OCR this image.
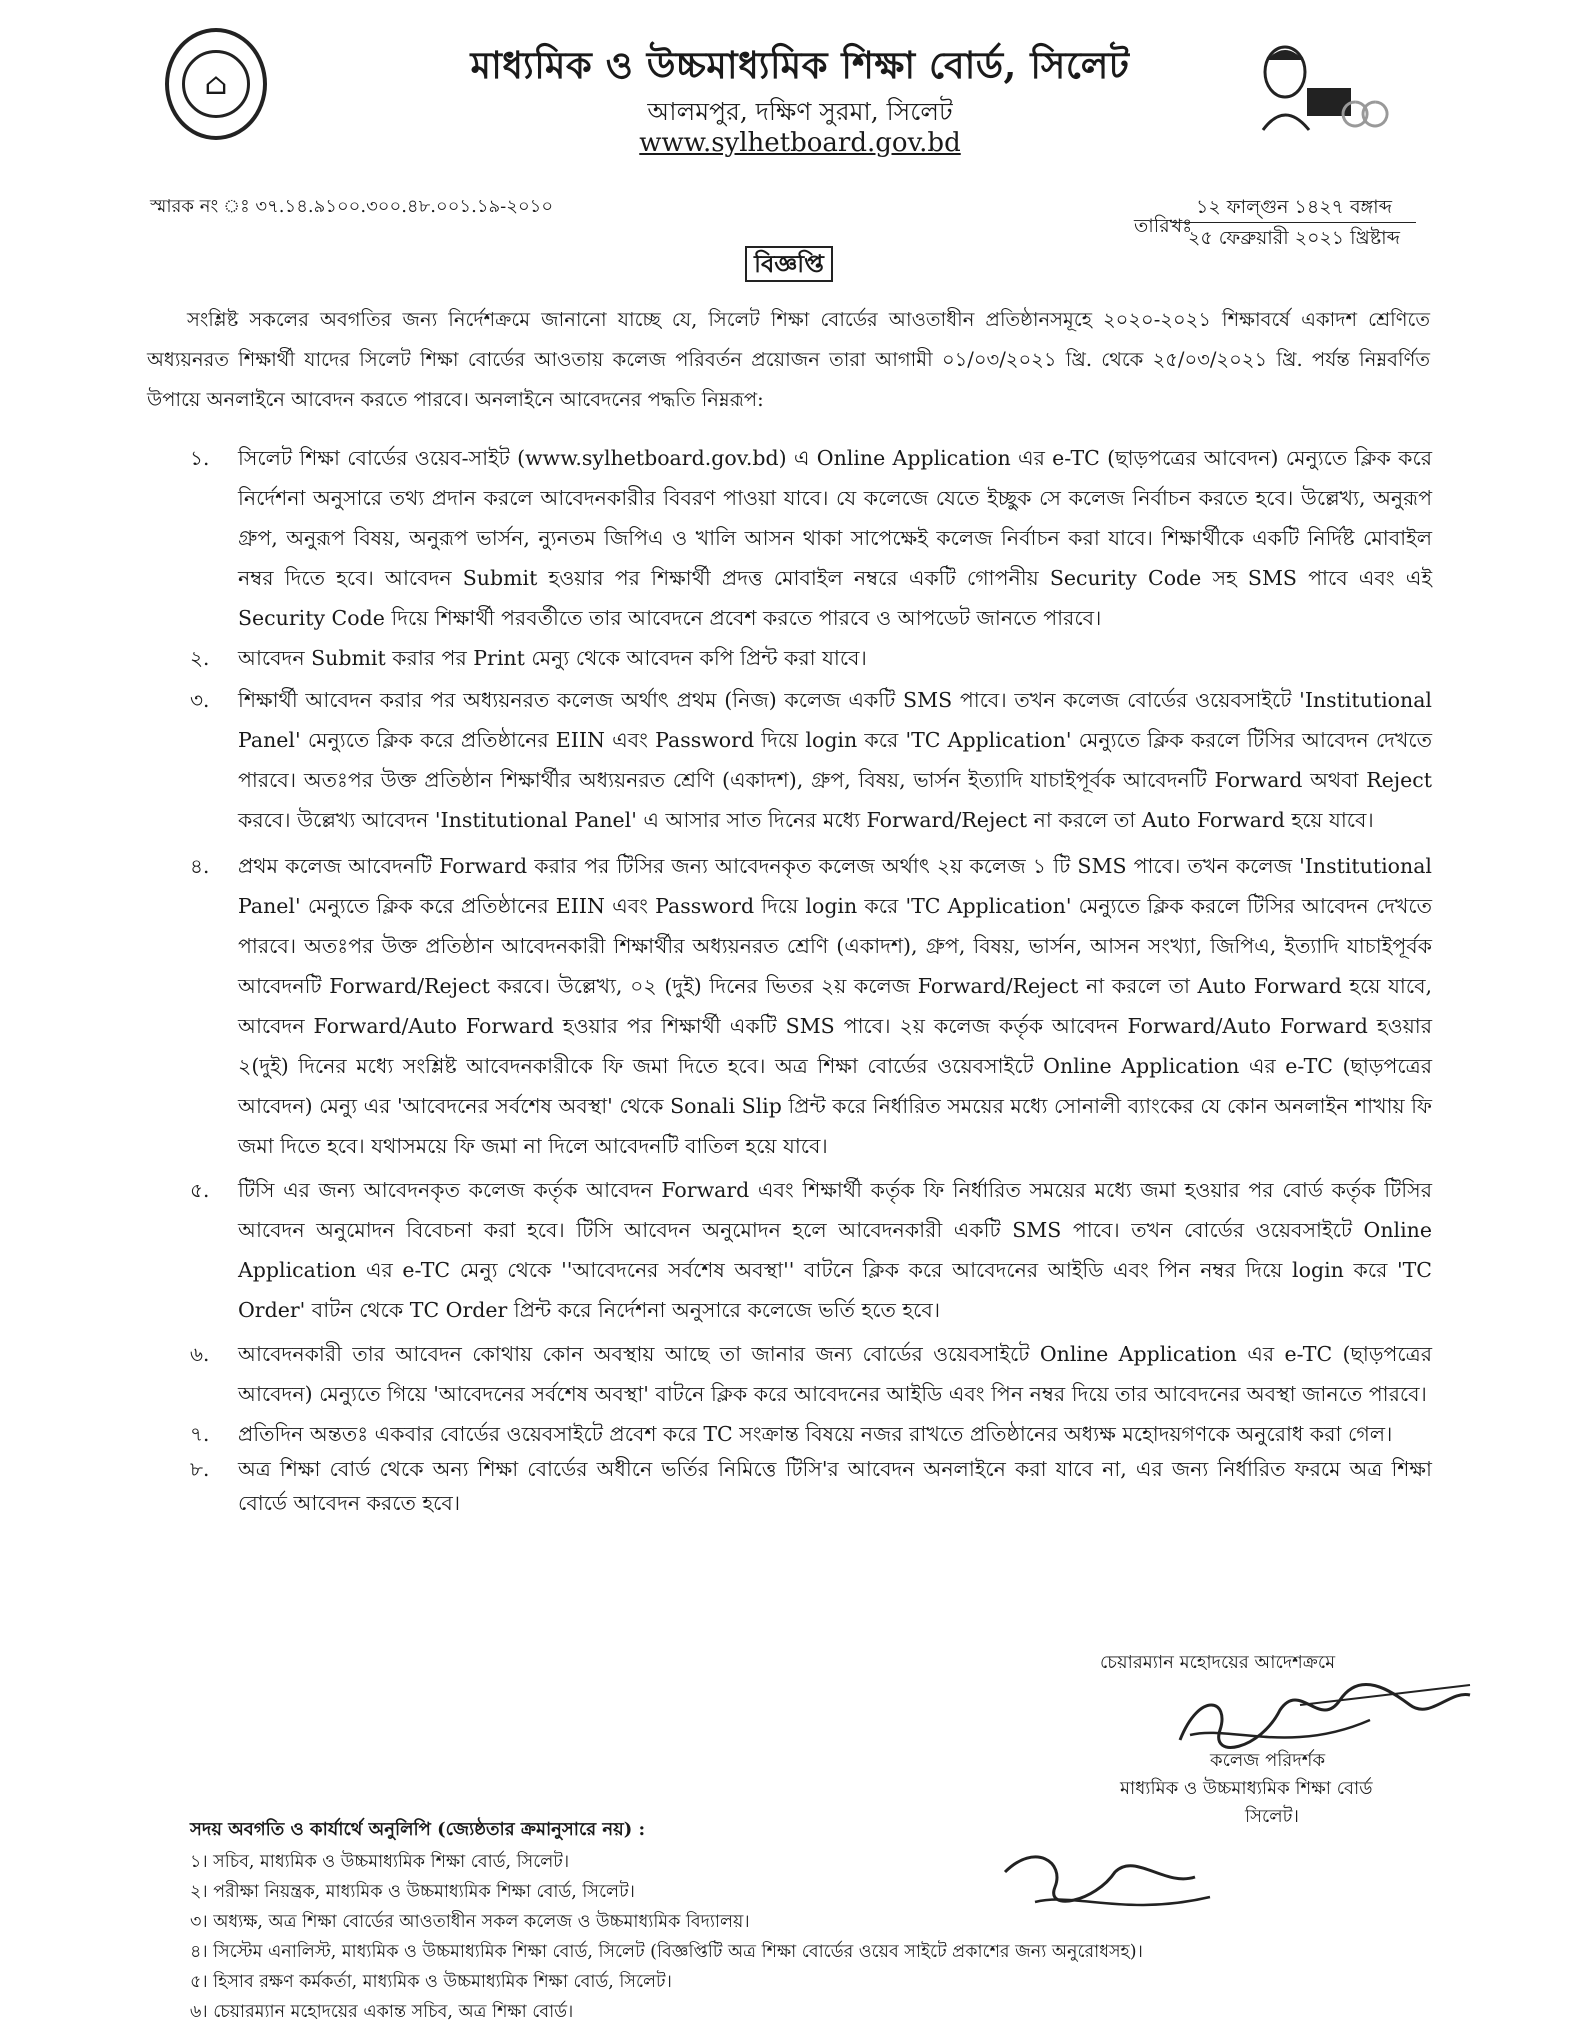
⌂	মাধ্যমিক ও উচ্চমাধ্যমিক শিক্ষা বোর্ড, সিলেট
আলমপুর, দক্ষিণ সুরমা, সিলেট
www.sylhetboard.gov.bd
স্মারক নং ঃ ৩৭.১৪.৯১০০.৩০০.৪৮.০০১.১৯-২০১০
তারিখঃ
১২ ফাল্গুন ১৪২৭ বঙ্গাব্দ
২৫ ফেব্রুয়ারী ২০২১ খ্রিষ্টাব্দ
বিজ্ঞপ্তি
সংশ্লিষ্ট সকলের অবগতির জন্য নির্দেশক্রমে জানানো যাচ্ছে যে, সিলেট শিক্ষা বোর্ডের আওতাধীন প্রতিষ্ঠানসমূহে ২০২০-২০২১ শিক্ষাবর্ষে একাদশ শ্রেণিতে অধ্যয়নরত শিক্ষার্থী যাদের সিলেট শিক্ষা বোর্ডের আওতায় কলেজ পরিবর্তন প্রয়োজন তারা আগামী ০১/০৩/২০২১ খ্রি. থেকে ২৫/০৩/২০২১ খ্রি. পর্যন্ত নিম্নবর্ণিত উপায়ে অনলাইনে আবেদন করতে পারবে। অনলাইনে আবেদনের পদ্ধতি নিম্নরূপ:
১.	সিলেট শিক্ষা বোর্ডের ওয়েব-সাইট (www.sylhetboard.gov.bd) এ Online Application এর e-TC (ছাড়পত্রের আবেদন) মেন্যুতে ক্লিক করে নির্দেশনা অনুসারে তথ্য প্রদান করলে আবেদনকারীর বিবরণ পাওয়া যাবে। যে কলেজে যেতে ইচ্ছুক সে কলেজ নির্বাচন করতে হবে। উল্লেখ্য, অনুরূপ গ্রুপ, অনুরূপ বিষয়, অনুরূপ ভার্সন, ন্যুনতম জিপিএ ও খালি আসন থাকা সাপেক্ষেই কলেজ নির্বাচন করা যাবে। শিক্ষার্থীকে একটি নির্দিষ্ট মোবাইল নম্বর দিতে হবে। আবেদন Submit হওয়ার পর শিক্ষার্থী প্রদত্ত মোবাইল নম্বরে একটি গোপনীয় Security Code সহ SMS পাবে এবং এই Security Code দিয়ে শিক্ষার্থী পরবর্তীতে তার আবেদনে প্রবেশ করতে পারবে ও আপডেট জানতে পারবে।
২.	আবেদন Submit করার পর Print মেন্যু থেকে আবেদন কপি প্রিন্ট করা যাবে।
৩.	শিক্ষার্থী আবেদন করার পর অধ্যয়নরত কলেজ অর্থাৎ প্রথম (নিজ) কলেজ একটি SMS পাবে। তখন কলেজ বোর্ডের ওয়েবসাইটে 'Institutional Panel' মেন্যুতে ক্লিক করে প্রতিষ্ঠানের EIIN এবং Password দিয়ে login করে 'TC Application' মেন্যুতে ক্লিক করলে টিসির আবেদন দেখতে পারবে। অতঃপর উক্ত প্রতিষ্ঠান শিক্ষার্থীর অধ্যয়নরত শ্রেণি (একাদশ), গ্রুপ, বিষয়, ভার্সন ইত্যাদি যাচাইপূর্বক আবেদনটি Forward অথবা Reject করবে। উল্লেখ্য আবেদন 'Institutional Panel' এ আসার সাত দিনের মধ্যে Forward/Reject না করলে তা Auto Forward হয়ে যাবে।
৪.	প্রথম কলেজ আবেদনটি Forward করার পর টিসির জন্য আবেদনকৃত কলেজ অর্থাৎ ২য় কলেজ ১ টি SMS পাবে। তখন কলেজ 'Institutional Panel' মেন্যুতে ক্লিক করে প্রতিষ্ঠানের EIIN এবং Password দিয়ে login করে 'TC Application' মেন্যুতে ক্লিক করলে টিসির আবেদন দেখতে পারবে। অতঃপর উক্ত প্রতিষ্ঠান আবেদনকারী শিক্ষার্থীর অধ্যয়নরত শ্রেণি (একাদশ), গ্রুপ, বিষয়, ভার্সন, আসন সংখ্যা, জিপিএ, ইত্যাদি যাচাইপূর্বক আবেদনটি Forward/Reject করবে। উল্লেখ্য, ০২ (দুই) দিনের ভিতর ২য় কলেজ Forward/Reject না করলে তা Auto Forward হয়ে যাবে, আবেদন Forward/Auto Forward হওয়ার পর শিক্ষার্থী একটি SMS পাবে। ২য় কলেজ কর্তৃক আবেদন Forward/Auto Forward হওয়ার ২(দুই) দিনের মধ্যে সংশ্লিষ্ট আবেদনকারীকে ফি জমা দিতে হবে। অত্র শিক্ষা বোর্ডের ওয়েবসাইটে Online Application এর e-TC (ছাড়পত্রের আবেদন) মেন্যু এর 'আবেদনের সর্বশেষ অবস্থা' থেকে Sonali Slip প্রিন্ট করে নির্ধারিত সময়ের মধ্যে সোনালী ব্যাংকের যে কোন অনলাইন শাখায় ফি জমা দিতে হবে। যথাসময়ে ফি জমা না দিলে আবেদনটি বাতিল হয়ে যাবে।
৫.	টিসি এর জন্য আবেদনকৃত কলেজ কর্তৃক আবেদন Forward এবং শিক্ষার্থী কর্তৃক ফি নির্ধারিত সময়ের মধ্যে জমা হওয়ার পর বোর্ড কর্তৃক টিসির আবেদন অনুমোদন বিবেচনা করা হবে। টিসি আবেদন অনুমোদন হলে আবেদনকারী একটি SMS পাবে। তখন বোর্ডের ওয়েবসাইটে Online Application এর e-TC মেন্যু থেকে ''আবেদনের সর্বশেষ অবস্থা'' বাটনে ক্লিক করে আবেদনের আইডি এবং পিন নম্বর দিয়ে login করে 'TC Order' বাটন থেকে TC Order প্রিন্ট করে নির্দেশনা অনুসারে কলেজে ভর্তি হতে হবে।
৬.	আবেদনকারী তার আবেদন কোথায় কোন অবস্থায় আছে তা জানার জন্য বোর্ডের ওয়েবসাইটে Online Application এর e-TC (ছাড়পত্রের আবেদন) মেন্যুতে গিয়ে 'আবেদনের সর্বশেষ অবস্থা' বাটনে ক্লিক করে আবেদনের আইডি এবং পিন নম্বর দিয়ে তার আবেদনের অবস্থা জানতে পারবে।
৭.	প্রতিদিন অন্ততঃ একবার বোর্ডের ওয়েবসাইটে প্রবেশ করে TC সংক্রান্ত বিষয়ে নজর রাখতে প্রতিষ্ঠানের অধ্যক্ষ মহোদয়গণকে অনুরোধ করা গেল।
৮.	অত্র শিক্ষা বোর্ড থেকে অন্য শিক্ষা বোর্ডের অধীনে ভর্তির নিমিত্তে টিসি'র আবেদন অনলাইনে করা যাবে না, এর জন্য নির্ধারিত ফরমে অত্র শিক্ষা বোর্ডে আবেদন করতে হবে।
চেয়ারম্যান মহোদয়ের আদেশক্রমে
কলেজ পরিদর্শক
মাধ্যমিক ও উচ্চমাধ্যমিক শিক্ষা বোর্ড
সিলেট।
সদয় অবগতি ও কার্যার্থে অনুলিপি (জ্যেষ্ঠতার ক্রমানুসারে নয়) :
১। সচিব, মাধ্যমিক ও উচ্চমাধ্যমিক শিক্ষা বোর্ড, সিলেট।
২। পরীক্ষা নিয়ন্ত্রক, মাধ্যমিক ও উচ্চমাধ্যমিক শিক্ষা বোর্ড, সিলেট।
৩। অধ্যক্ষ, অত্র শিক্ষা বোর্ডের আওতাধীন সকল কলেজ ও উচ্চমাধ্যমিক বিদ্যালয়।
৪। সিস্টেম এনালিস্ট, মাধ্যমিক ও উচ্চমাধ্যমিক শিক্ষা বোর্ড, সিলেট (বিজ্ঞপ্তিটি অত্র শিক্ষা বোর্ডের ওয়েব সাইটে প্রকাশের জন্য অনুরোধসহ)।
৫। হিসাব রক্ষণ কর্মকর্তা, মাধ্যমিক ও উচ্চমাধ্যমিক শিক্ষা বোর্ড, সিলেট।
৬। চেয়ারম্যান মহোদয়ের একান্ত সচিব, অত্র শিক্ষা বোর্ড।
